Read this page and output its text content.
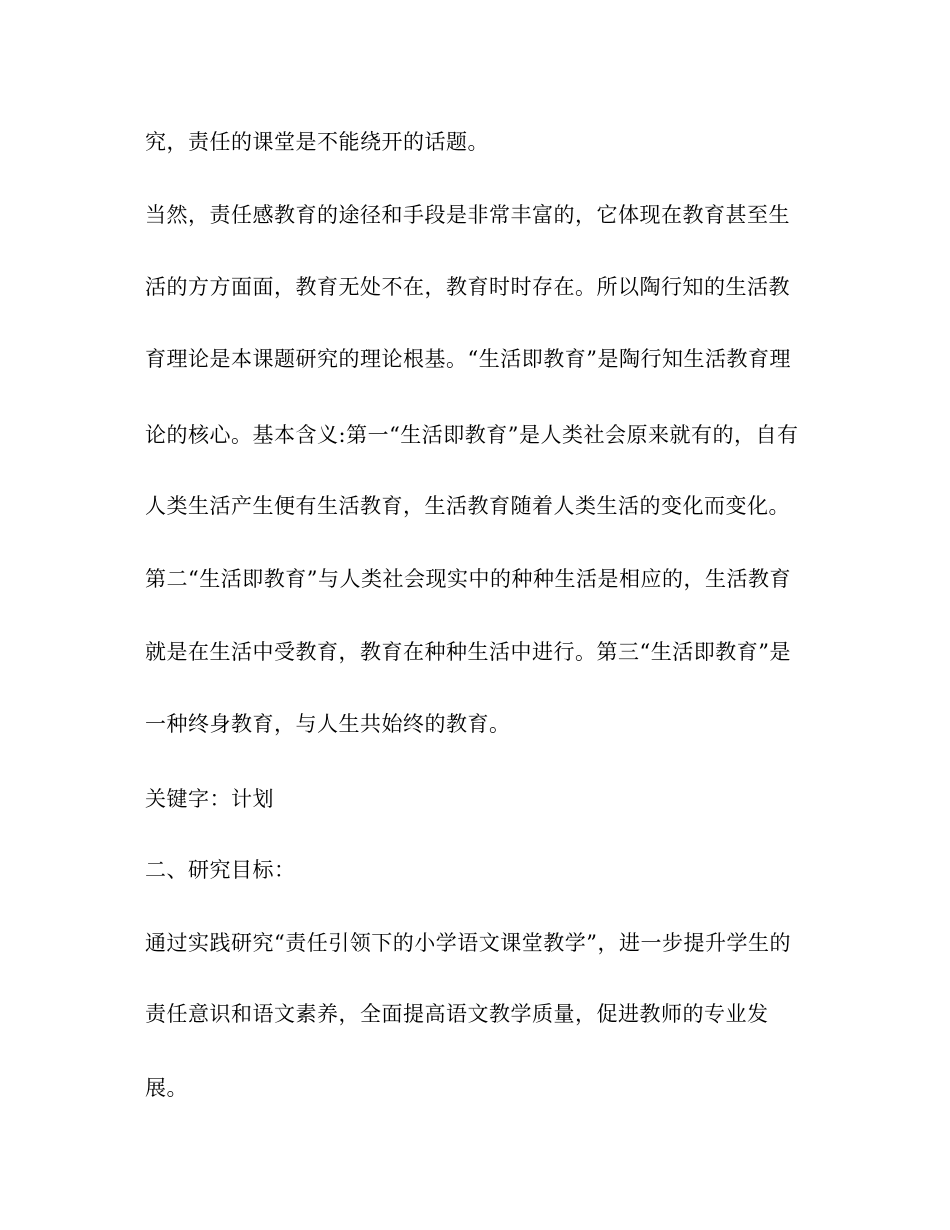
究，责任的课堂是不能绕开的话题。
当然，责任感教育的途径和手段是非常丰富的，它体现在教育甚至生
活的方方面面，教育无处不在，教育时时存在。所以陶行知的生活教
育理论是本课题研究的理论根基。“生活即教育”是陶行知生活教育理
论的核心。基本含义:第一“生活即教育”是人类社会原来就有的，自有
人类生活产生便有生活教育，生活教育随着人类生活的变化而变化。
第二“生活即教育”与人类社会现实中的种种生活是相应的，生活教育
就是在生活中受教育，教育在种种生活中进行。第三“生活即教育”是
一种终身教育，与人生共始终的教育。
关键字：计划
二、研究目标：
通过实践研究“责任引领下的小学语文课堂教学”，进一步提升学生的
责任意识和语文素养，全面提高语文教学质量，促进教师的专业发
展。
